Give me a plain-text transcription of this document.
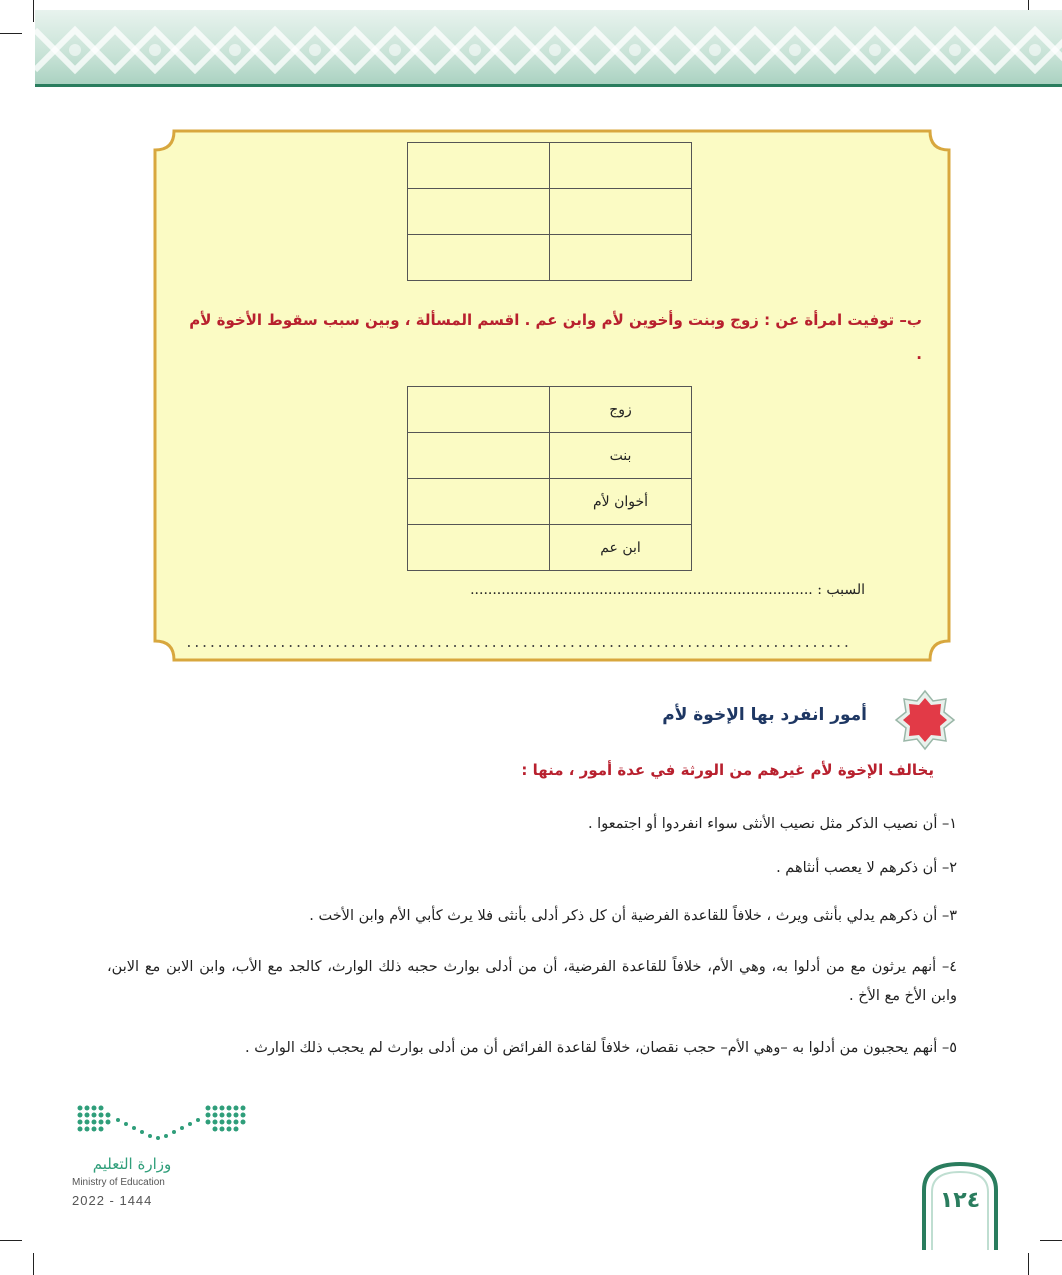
ب– توفيت امرأة عن : زوج وبنت وأخوين لأم وابن عم . اقسم المسألة ، وبين سبب سقوط الأخوة لأم .
زوج	
بنت	
أخوان لأم	
ابن عم	
السبب : .............................................................................
.....................................................................................
أمور انفرد بها الإخوة لأم
يخالف الإخوة لأم غيرهم من الورثة في عدة أمور ، منها :
١– أن نصيب الذكر مثل نصيب الأنثى سواء انفردوا أو اجتمعوا .
٢– أن ذكرهم لا يعصب أنثاهم .
٣– أن ذكرهم يدلي بأنثى ويرث ، خلافاً للقاعدة الفرضية أن كل ذكر أدلى بأنثى فلا يرث كأبي الأم وابن الأخت .
٤– أنهم يرثون مع من أدلوا به، وهي الأم، خلافاً للقاعدة الفرضية، أن من أدلى بوارث حجبه ذلك الوارث، كالجد مع الأب، وابن الابن مع الابن، وابن الأخ مع الأخ .
٥– أنهم يحجبون من أدلوا به –وهي الأم– حجب نقصان، خلافاً لقاعدة الفرائض أن من أدلى بوارث لم يحجب ذلك الوارث .
وزارة التعليم
Ministry of Education
2022 - 1444	١٢٤
